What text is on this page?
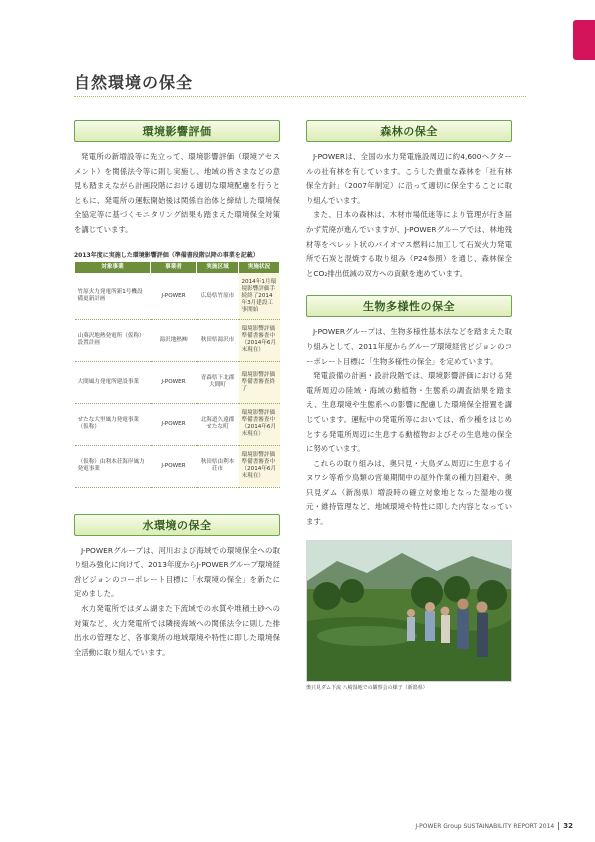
自然環境の保全
環境影響評価

発電所の新増設等に先立って、環境影響評価（環境アセスメント）を関係法令等に則し実施し、地域の皆さまなどの意見も踏まえながら計画段階における適切な環境配慮を行うとともに、発電所の運転開始後は関係自治体と締結した環境保全協定等に基づくモニタリング結果も踏まえた環境保全対策を講じています。

2013年度に実施した環境影響評価（準備書段階以降の事業を記載）
対象事業	事業者	実施区域	実施状況
竹原火力発電所新1号機設備更新計画	J-POWER	広島県竹原市	2014年1月環境影響評価手続終了2014年3月建設工事開始
山葵沢地熱発電所（仮称）設置計画	湯沢地熱㈱	秋田県湯沢市	環境影響評価準備書審査中（2014年6月末現在）
大間風力発電所建設事業	J-POWER	青森県下北郡大間町	環境影響評価準備書審査終了
せたな大里風力発電事業（仮称）	J-POWER	北海道久遠郡せたな町	環境影響評価準備書審査中（2014年6月末現在）
（仮称）由利本荘海岸風力発電事業	J-POWER	秋田県由利本荘市	環境影響評価準備書審査中（2014年6月末現在）
水環境の保全

J-POWERグループは、河川および海域での環境保全への取り組み強化に向けて、2013年度からJ-POWERグループ環境経営ビジョンのコーポレート目標に「水環境の保全」を新たに定めました。

水力発電所ではダム湖また下流域での水質や堆積土砂への対策など、火力発電所では隣接海域への関係法令に則した排出水の管理など、各事業所の地域環境や特性に即した環境保全活動に取り組んでいます。

森林の保全

J-POWERは、全国の水力発電施設周辺に約4,600ヘクタールの社有林を有しています。こうした貴重な森林を「社有林保全方針」（2007年制定）に沿って適切に保全することに取り組んでいます。

また、日本の森林は、木材市場低迷等により管理が行き届かず荒廃が進んでいますが、J-POWERグループでは、林地残材等をペレット状のバイオマス燃料に加工して石炭火力発電所で石炭と混焼する取り組み（P24参照）を通じ、森林保全とCO₂排出低減の双方への貢献を進めています。

生物多様性の保全

J-POWERグループは、生物多様性基本法などを踏まえた取り組みとして、2011年度からグループ環境経営ビジョンのコーポレート目標に「生物多様性の保全」を定めています。

発電設備の計画・設計段階では、環境影響評価における発電所周辺の陸域・海域の動植物・生態系の調査結果を踏まえ、生息環境や生態系への影響に配慮した環境保全措置を講じています。運転中の発電所等においては、希少種をはじめとする発電所周辺に生息する動植物およびその生息地の保全に努めています。

これらの取り組みは、奥只見・大鳥ダム周辺に生息するイヌワシ等希少鳥類の営巣期間中の屋外作業の種力回避や、奥只見ダム（新潟県）増設時の確立対象地となった湿地の復元・維持管理など、地域環境や特性に即した内容となっています。

奥只見ダム下流 八崎湿地での観察会の様子（新潟県）
J-POWER Group SUSTAINABILITY REPORT 2014 32
